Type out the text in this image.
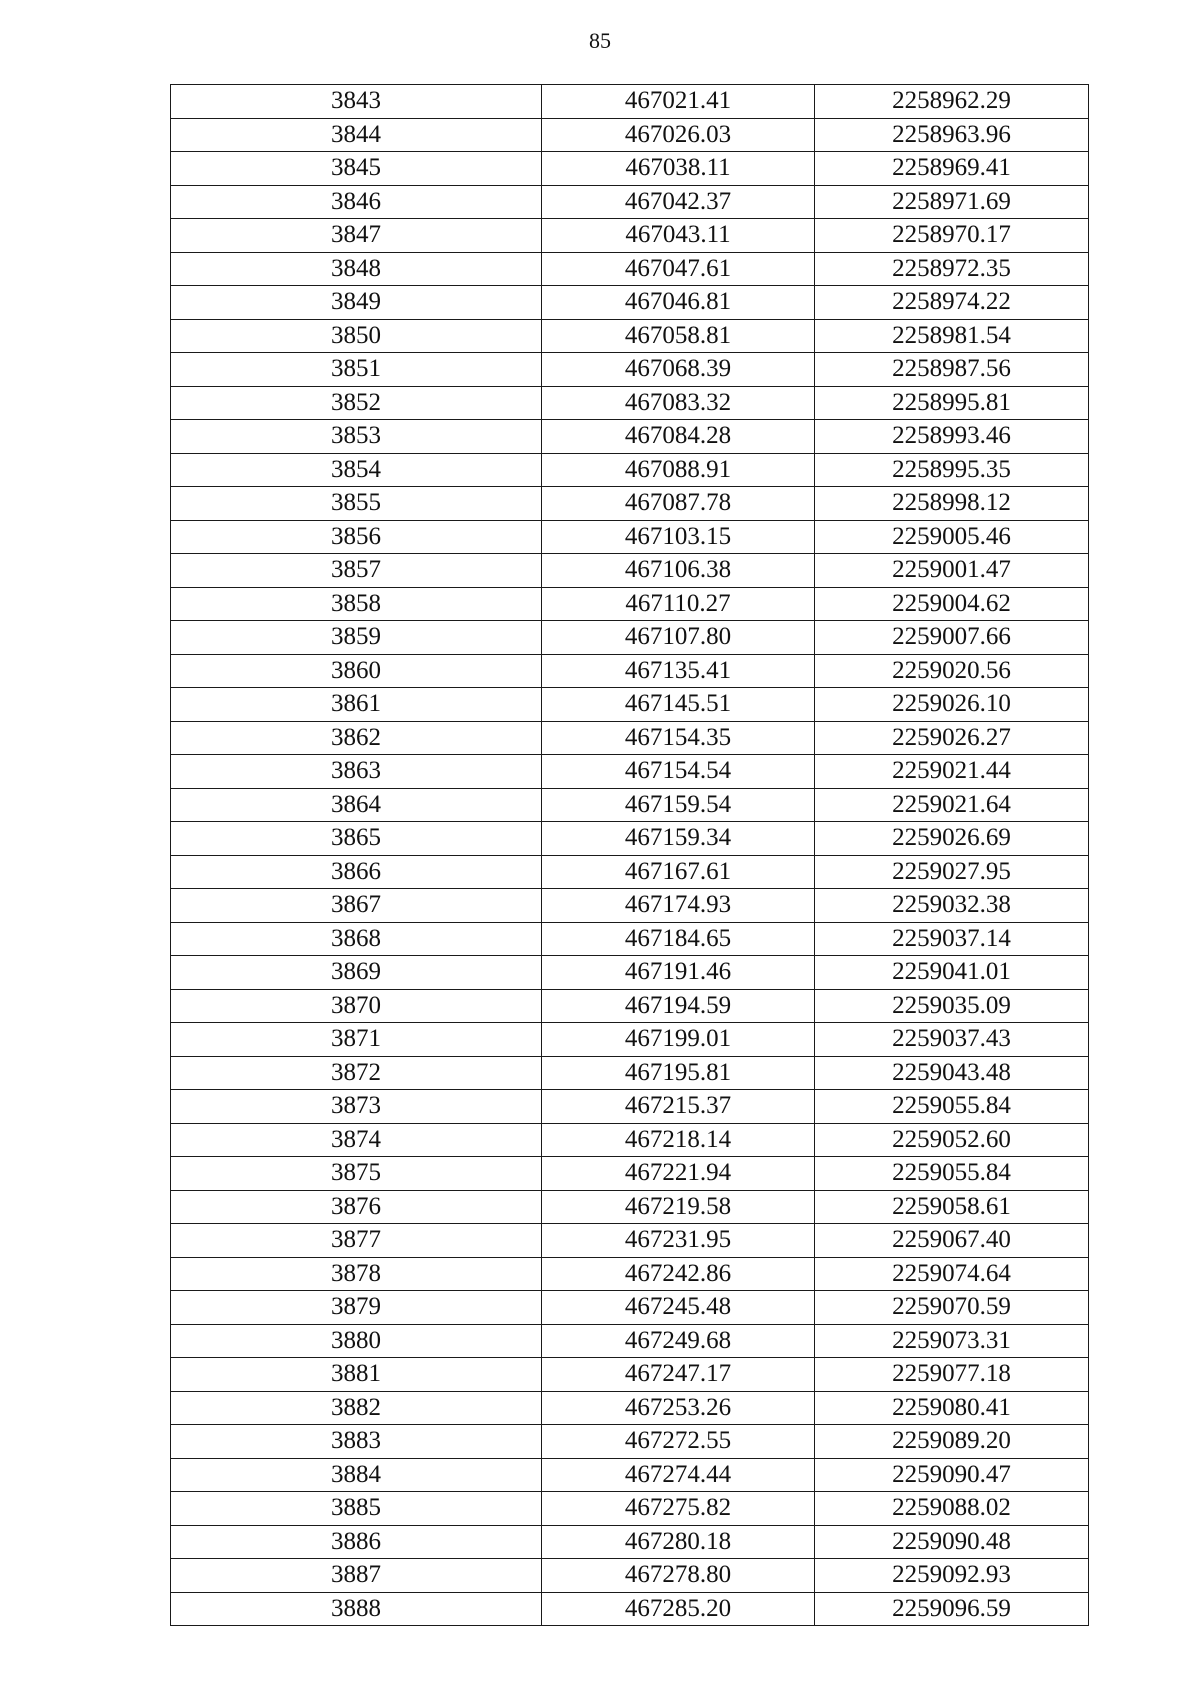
85
3843	467021.41	2258962.29
3844	467026.03	2258963.96
3845	467038.11	2258969.41
3846	467042.37	2258971.69
3847	467043.11	2258970.17
3848	467047.61	2258972.35
3849	467046.81	2258974.22
3850	467058.81	2258981.54
3851	467068.39	2258987.56
3852	467083.32	2258995.81
3853	467084.28	2258993.46
3854	467088.91	2258995.35
3855	467087.78	2258998.12
3856	467103.15	2259005.46
3857	467106.38	2259001.47
3858	467110.27	2259004.62
3859	467107.80	2259007.66
3860	467135.41	2259020.56
3861	467145.51	2259026.10
3862	467154.35	2259026.27
3863	467154.54	2259021.44
3864	467159.54	2259021.64
3865	467159.34	2259026.69
3866	467167.61	2259027.95
3867	467174.93	2259032.38
3868	467184.65	2259037.14
3869	467191.46	2259041.01
3870	467194.59	2259035.09
3871	467199.01	2259037.43
3872	467195.81	2259043.48
3873	467215.37	2259055.84
3874	467218.14	2259052.60
3875	467221.94	2259055.84
3876	467219.58	2259058.61
3877	467231.95	2259067.40
3878	467242.86	2259074.64
3879	467245.48	2259070.59
3880	467249.68	2259073.31
3881	467247.17	2259077.18
3882	467253.26	2259080.41
3883	467272.55	2259089.20
3884	467274.44	2259090.47
3885	467275.82	2259088.02
3886	467280.18	2259090.48
3887	467278.80	2259092.93
3888	467285.20	2259096.59
